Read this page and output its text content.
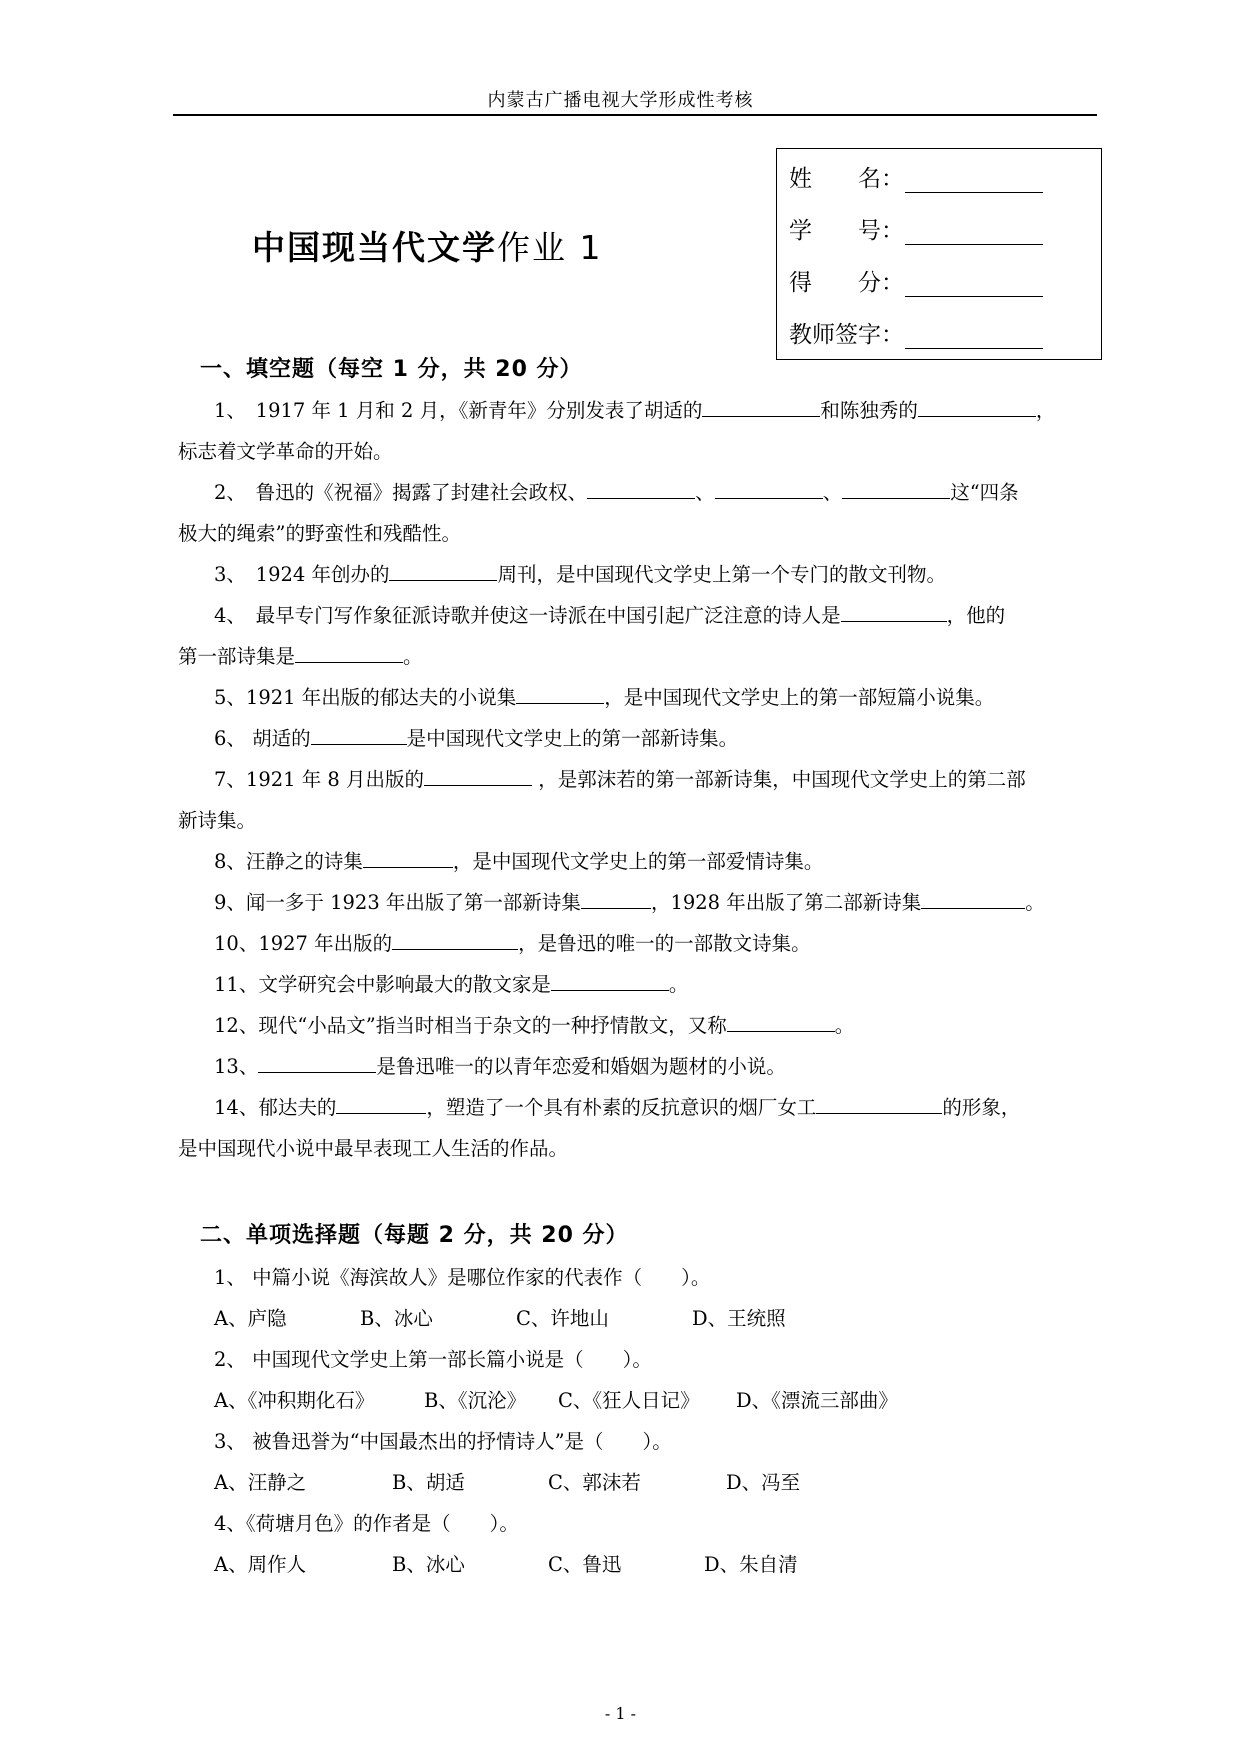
内蒙古广播电视大学形成性考核
中国现当代文学作业 1
姓　　名：
学　　号：
得　　分：
教师签字：
一、填空题（每空 1 分，共 20 分）
1、　1917 年 1 月和 2 月，《新青年》分别发表了胡适的	和陈独秀的	，
标志着文学革命的开始。
2、　鲁迅的《祝福》揭露了封建社会政权、	、	、	这“四条
极大的绳索”的野蛮性和残酷性。
3、　1924 年创办的	周刊，是中国现代文学史上第一个专门的散文刊物。
4、　最早专门写作象征派诗歌并使这一诗派在中国引起广泛注意的诗人是	，他的
第一部诗集是	。
5、1921 年出版的郁达夫的小说集	，是中国现代文学史上的第一部短篇小说集。
6、 胡适的	是中国现代文学史上的第一部新诗集。
7、1921 年 8 月出版的	，是郭沫若的第一部新诗集，中国现代文学史上的第二部
新诗集。
8、汪静之的诗集	，是中国现代文学史上的第一部爱情诗集。
9、闻一多于 1923 年出版了第一部新诗集	，1928 年出版了第二部新诗集	。
10、1927 年出版的	，是鲁迅的唯一的一部散文诗集。
11、文学研究会中影响最大的散文家是	。
12、现代“小品文”指当时相当于杂文的一种抒情散文，又称	。
13、	是鲁迅唯一的以青年恋爱和婚姻为题材的小说。
14、郁达夫的	，塑造了一个具有朴素的反抗意识的烟厂女工	的形象，
是中国现代小说中最早表现工人生活的作品。
二、单项选择题（每题 2 分，共 20 分）
1、 中篇小说《海滨故人》是哪位作家的代表作（　　）。
A、庐隐	B、冰心	C、许地山	D、王统照
2、 中国现代文学史上第一部长篇小说是（　　）。
A、《冲积期化石》	B、《沉沦》 C、《狂人日记》 D、《漂流三部曲》
3、 被鲁迅誉为“中国最杰出的抒情诗人”是（　　）。
A、汪静之	B、胡适	C、郭沫若	D、冯至
4、《荷塘月色》的作者是（　　）。
A、周作人	B、冰心	C、鲁迅	D、朱自清
- 1 -
